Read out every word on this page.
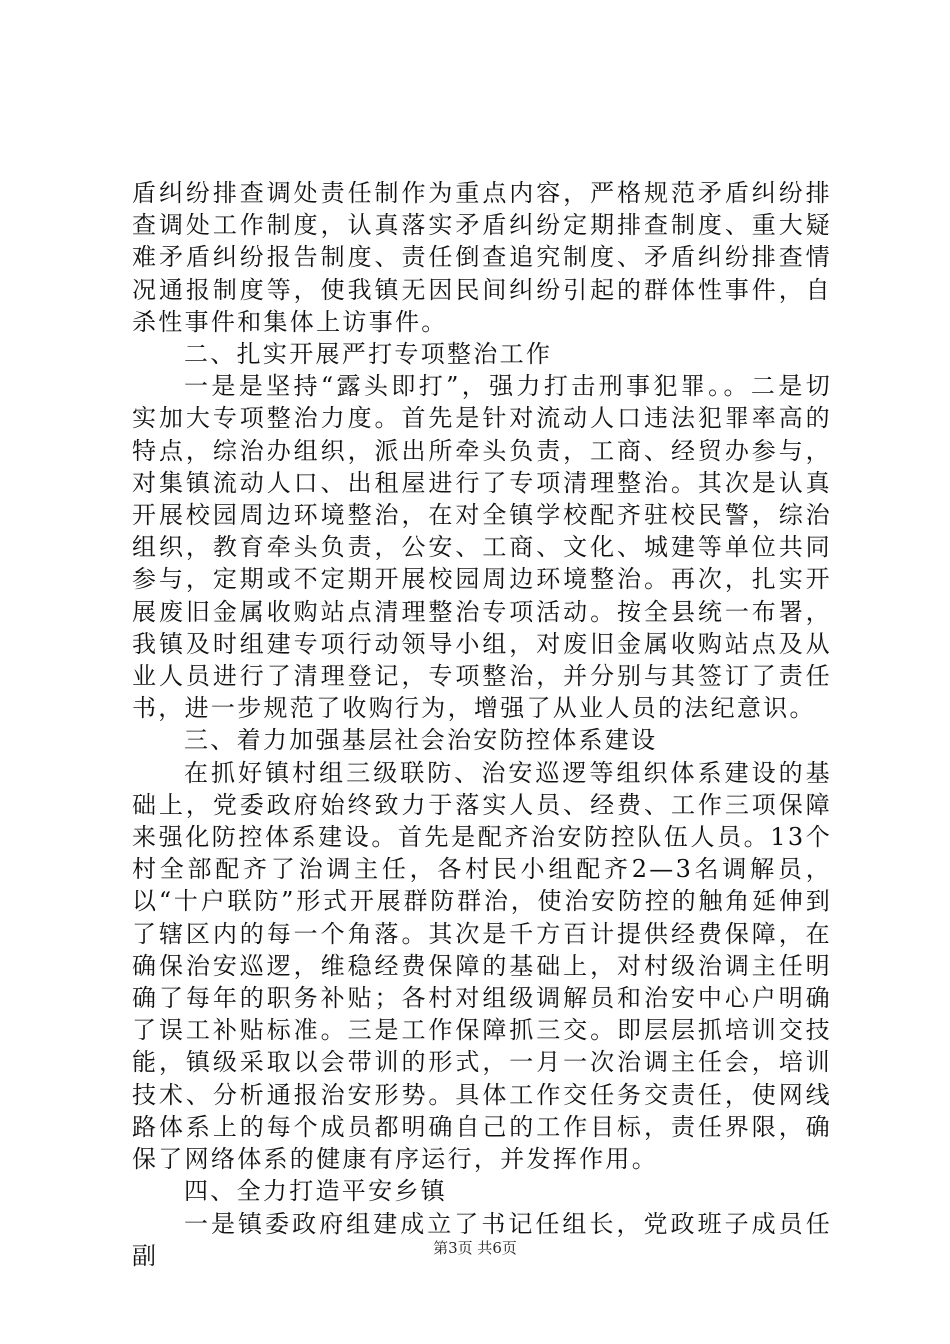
盾纠纷排查调处责任制作为重点内容，严格规范矛盾纠纷排查调处工作制度，认真落实矛盾纠纷定期排查制度、重大疑难矛盾纠纷报告制度、责任倒查追究制度、矛盾纠纷排查情况通报制度等，使我镇无因民间纠纷引起的群体性事件，自杀性事件和集体上访事件。

二、扎实开展严打专项整治工作

一是是坚持“露头即打”，强力打击刑事犯罪。。二是切实加大专项整治力度。首先是针对流动人口违法犯罪率高的特点，综治办组织，派出所牵头负责，工商、经贸办参与，对集镇流动人口、出租屋进行了专项清理整治。其次是认真开展校园周边环境整治，在对全镇学校配齐驻校民警，综治组织，教育牵头负责，公安、工商、文化、城建等单位共同参与，定期或不定期开展校园周边环境整治。再次，扎实开展废旧金属收购站点清理整治专项活动。按全县统一布署，我镇及时组建专项行动领导小组，对废旧金属收购站点及从业人员进行了清理登记，专项整治，并分别与其签订了责任书，进一步规范了收购行为，增强了从业人员的法纪意识。

三、着力加强基层社会治安防控体系建设

在抓好镇村组三级联防、治安巡逻等组织体系建设的基础上，党委政府始终致力于落实人员、经费、工作三项保障来强化防控体系建设。首先是配齐治安防控队伍人员。13个村全部配齐了治调主任，各村民小组配齐2—3名调解员，以“十户联防”形式开展群防群治，使治安防控的触角延伸到了辖区内的每一个角落。其次是千方百计提供经费保障，在确保治安巡逻，维稳经费保障的基础上，对村级治调主任明确了每年的职务补贴；各村对组级调解员和治安中心户明确了误工补贴标准。三是工作保障抓三交。即层层抓培训交技能，镇级采取以会带训的形式，一月一次治调主任会，培训技术、分析通报治安形势。具体工作交任务交责任，使网线路体系上的每个成员都明确自己的工作目标，责任界限，确保了网络体系的健康有序运行，并发挥作用。

四、全力打造平安乡镇

一是镇委政府组建成立了书记任组长，党政班子成员任副	第3页 共6页
